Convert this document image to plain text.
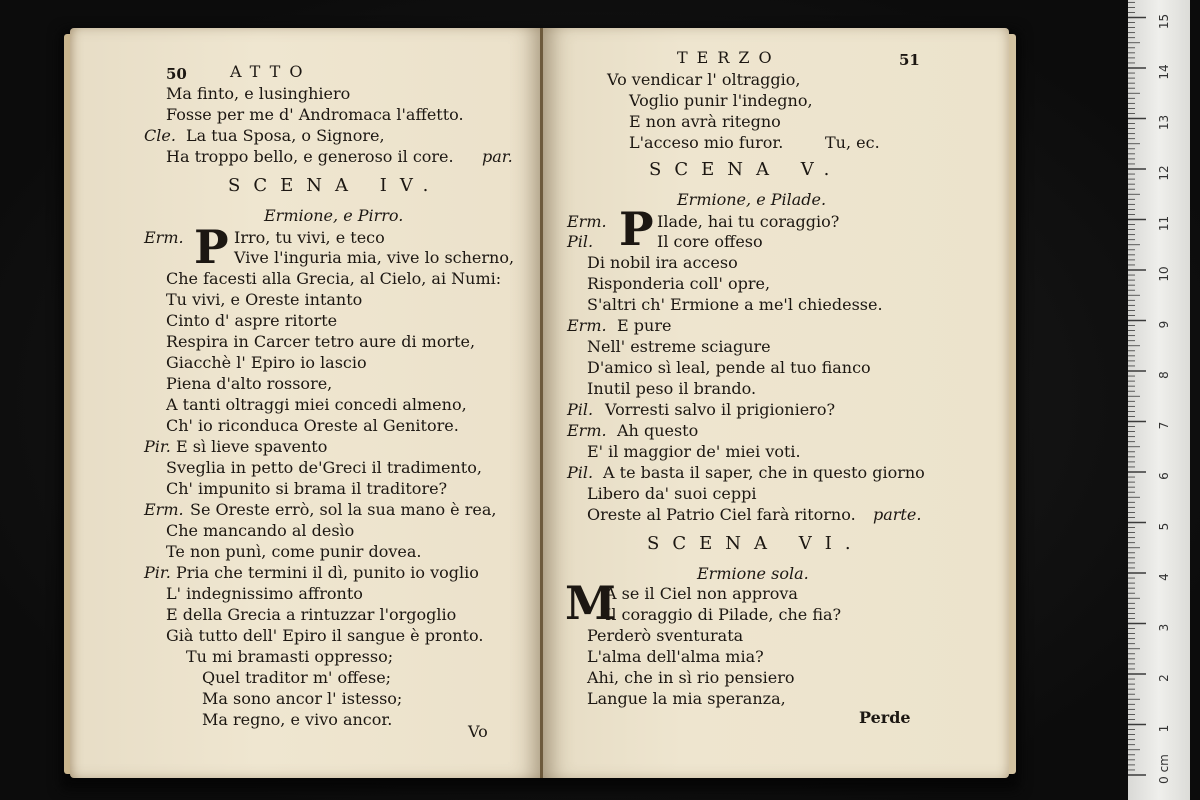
50	ATTO
Ma finto, e lusinghiero
Fosse per me d' Andromaca l'affetto.
Cle. La tua Sposa, o Signore,
Ha troppo bello, e generoso il core. par.
SCENA IV.
Ermione, e Pirro.
Erm. P Irro, tu vivi, e teco
Vive l'inguria mia, vive lo scherno,
Che facesti alla Grecia, al Cielo, ai Numi:
Tu vivi, e Oreste intanto
Cinto d' aspre ritorte
Respira in Carcer tetro aure di morte,
Giacchè l' Epiro io lascio
Piena d'alto rossore,
A tanti oltraggi miei concedi almeno,
Ch' io riconduca Oreste al Genitore.
Pir. E sì lieve spavento
Sveglia in petto de'Greci il tradimento,
Ch' impunito si brama il traditore?
Erm. Se Oreste errò, sol la sua mano è rea,
Che mancando al desìo
Te non punì, come punir dovea.
Pir. Pria che termini il dì, punito io voglio
L' indegnissimo affronto
E della Grecia a rintuzzar l'orgoglio
Già tutto dell' Epiro il sangue è pronto.
Tu mi bramasti oppresso;
Quel traditor m' offese;
Ma sono ancor l' istesso;
Ma regno, e vivo ancor.
Vo
TERZO	51
Vo vendicar l' oltraggio,
Voglio punir l'indegno,
E non avrà ritegno
L'acceso mio furor.	Tu, ec.
SCENA V.
Ermione, e Pilade.
Erm. P Ilade, hai tu coraggio?
Pil.	Il core offeso
Di nobil ira acceso
Risponderia coll' opre,
S'altri ch' Ermione a me'l chiedesse.
Erm. E pure
Nell' estreme sciagure
D'amico sì leal, pende al tuo fianco
Inutil peso il brando.
Pil. Vorresti salvo il prigioniero?
Erm. Ah questo
E' il maggior de' miei voti.
Pil. A te basta il saper, che in questo giorno
Libero da' suoi ceppi
Oreste al Patrio Ciel farà ritorno. parte.
SCENA VI.
Ermione sola.
M
A se il Ciel non approva
Il coraggio di Pilade, che fia?
Perderò sventurata
L'alma dell'alma mia?
Ahi, che in sì rio pensiero
Langue la mia speranza,
Perde
0 cm
1
2
3
4
5
6
7
8
9
10
11
12
13
14
15
